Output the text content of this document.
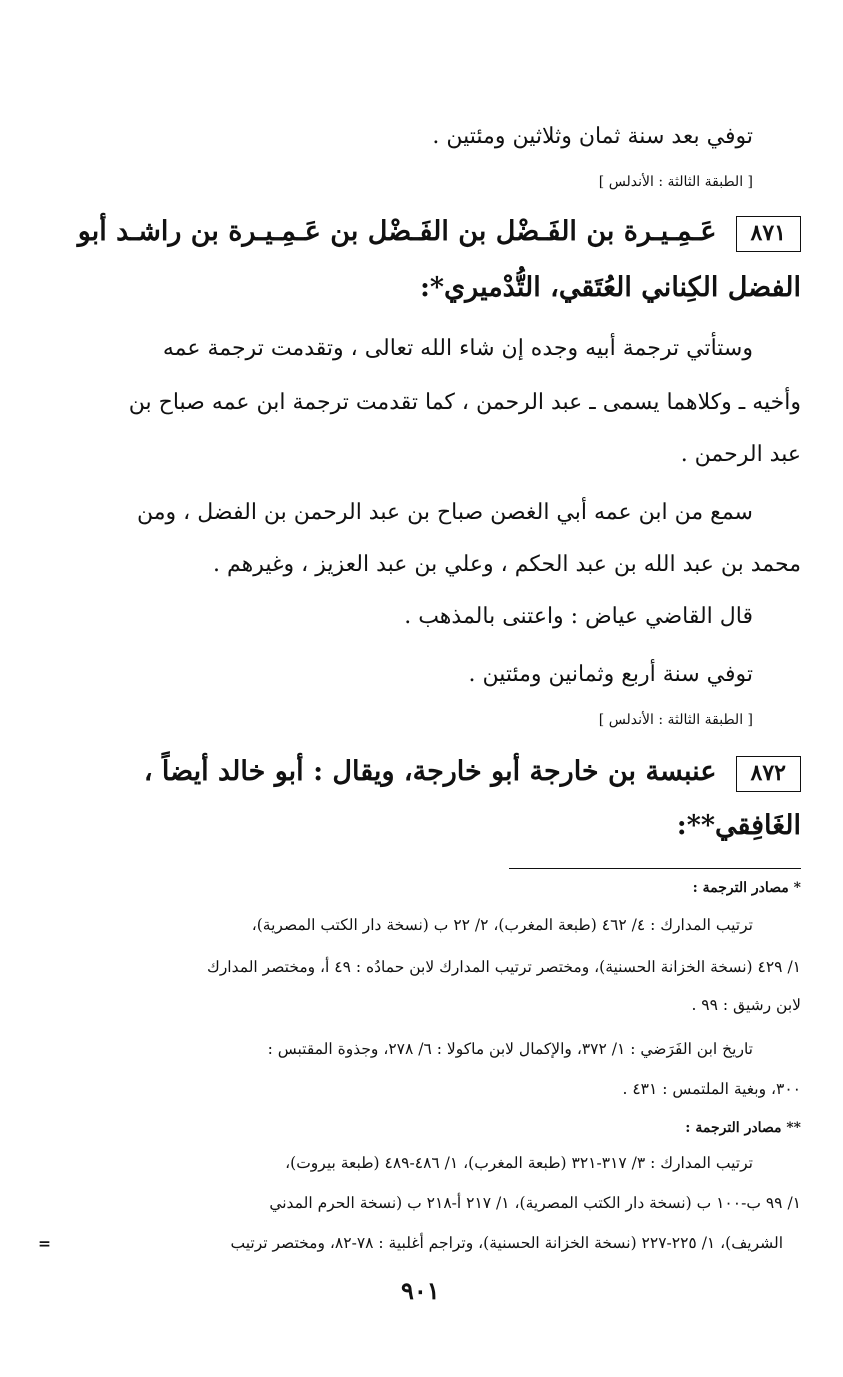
توفي بعد سنة ثمان وثلاثين ومئتين .
[ الطبقة الثالثة : الأندلس ]
٨٧١ عَـمِـيـرة بن الفَـضْل بن الفَـضْل بن عَـمِـيـرة بن راشـد أبو
الفضل الكِناني العُتَقي، التُّدْميري*:
وستأتي ترجمة أبيه وجده إن شاء الله تعالى ، وتقدمت ترجمة عمه
وأخيه ـ وكلاهما يسمى ـ عبد الرحمن ، كما تقدمت ترجمة ابن عمه صباح بن
عبد الرحمن .
سمع من ابن عمه أبي الغصن صباح بن عبد الرحمن بن الفضل ، ومن
محمد بن عبد الله بن عبد الحكم ، وعلي بن عبد العزيز ، وغيرهم .
قال القاضي عياض : واعتنى بالمذهب .
توفي سنة أربع وثمانين ومئتين .
[ الطبقة الثالثة : الأندلس ]
٨٧٢ عنبسة بن خارجة أبو خارجة، ويقال : أبو خالد أيضاً ،
الغَافِقي**:
* مصادر الترجمة :
ترتيب المدارك : ٤/ ٤٦٢ (طبعة المغرب)، ٢/ ٢٢ ب (نسخة دار الكتب المصرية)،
١/ ٤٢٩ (نسخة الخزانة الحسنية)، ومختصر ترتيب المدارك لابن حمادُه : ٤٩ أ، ومختصر المدارك
لابن رشيق : ٩٩ .
تاريخ ابن الفَرَضي : ١/ ٣٧٢، والإكمال لابن ماكولا : ٦/ ٢٧٨، وجذوة المقتبس :
٣٠٠، وبغية الملتمس : ٤٣١ .
** مصادر الترجمة :
ترتيب المدارك : ٣/ ٣١٧-٣٢١ (طبعة المغرب)، ١/ ٤٨٦-٤٨٩ (طبعة بيروت)،
١/ ٩٩ ب-١٠٠ ب (نسخة دار الكتب المصرية)، ١/ ٢١٧ أ-٢١٨ ب (نسخة الحرم المدني
الشريف)، ١/ ٢٢٥-٢٢٧ (نسخة الخزانة الحسنية)، وتراجم أغلبية : ٧٨-٨٢، ومختصر ترتيب
=
٩٠١
